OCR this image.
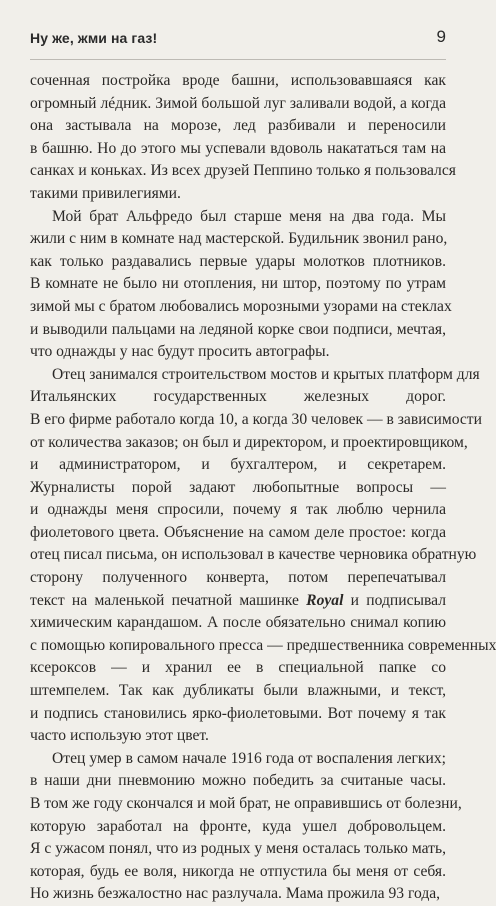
Ну же, жми на газ!	9
соченная постройка вроде башни, использовавшаяся как
огромный лéдник. Зимой большой луг заливали водой, а когда
она застывала на морозе, лед разбивали и переносили
в башню. Но до этого мы успевали вдоволь накататься там на
санках и коньках. Из всех друзей Пеппино только я пользовался
такими привилегиями.
Мой брат Альфредо был старше меня на два года. Мы
жили с ним в комнате над мастерской. Будильник звонил рано,
как только раздавались первые удары молотков плотников.
В комнате не было ни отопления, ни штор, поэтому по утрам
зимой мы с братом любовались морозными узорами на стеклах
и выводили пальцами на ледяной корке свои подписи, мечтая,
что однажды у нас будут просить автографы.
Отец занимался строительством мостов и крытых платформ для
Итальянских государственных железных дорог.
В его фирме работало когда 10, а когда 30 человек — в зависимости
от количества заказов; он был и директором, и проектировщиком,
и администратором, и бухгалтером, и секретарем.
Журналисты порой задают любопытные вопросы —
и однажды меня спросили, почему я так люблю чернила
фиолетового цвета. Объяснение на самом деле простое: когда
отец писал письма, он использовал в качестве черновика обратную
сторону полученного конверта, потом перепечатывал
текст на маленькой печатной машинке Royal и подписывал
химическим карандашом. А после обязательно снимал копию
с помощью копировального пресса — предшественника современных
ксероксов — и хранил ее в специальной папке со
штемпелем. Так как дубликаты были влажными, и текст,
и подпись становились ярко-фиолетовыми. Вот почему я так
часто использую этот цвет.
Отец умер в самом начале 1916 года от воспаления легких;
в наши дни пневмонию можно победить за считаные часы.
В том же году скончался и мой брат, не оправившись от болезни,
которую заработал на фронте, куда ушел добровольцем.
Я с ужасом понял, что из родных у меня осталась только мать,
которая, будь ее воля, никогда не отпустила бы меня от себя.
Но жизнь безжалостно нас разлучала. Мама прожила 93 года,
